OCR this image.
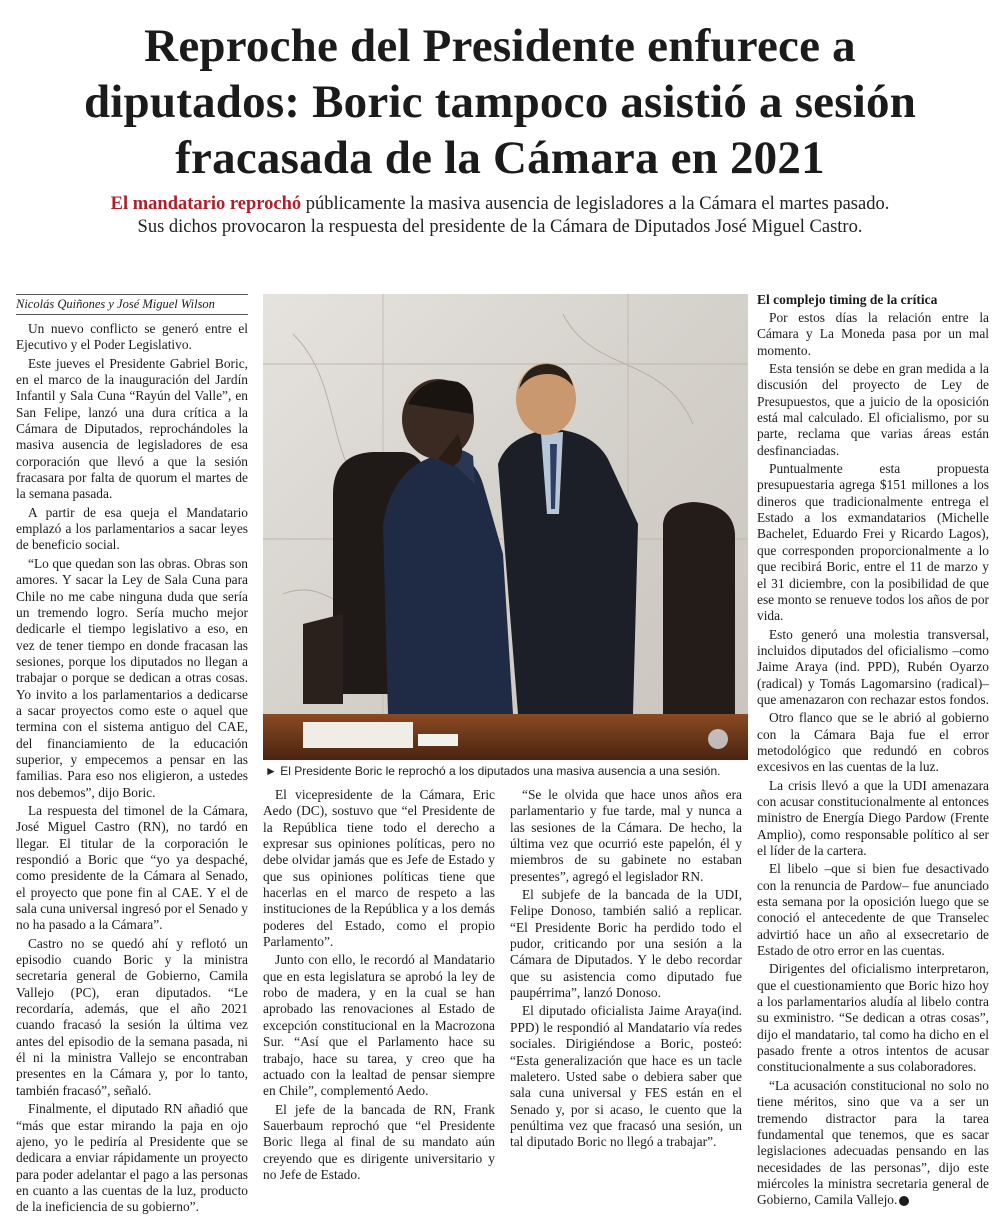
Reproche del Presidente enfurece a
diputados: Boric tampoco asistió a sesión
fracasada de la Cámara en 2021
El mandatario reprochó públicamente la masiva ausencia de legisladores a la Cámara el martes pasado.
Sus dichos provocaron la respuesta del presidente de la Cámara de Diputados José Miguel Castro.
Nicolás Quiñones y José Miguel Wilson

Un nuevo conflicto se generó entre el Ejecutivo y el Poder Legislativo.

Este jueves el Presidente Gabriel Boric, en el marco de la inauguración del Jardín Infantil y Sala Cuna “Rayún del Valle”, en San Felipe, lanzó una dura crítica a la Cámara de Diputados, reprochándoles la masiva ausencia de legisladores de esa corporación que llevó a que la sesión fracasara por falta de quorum el martes de la semana pasada.

A partir de esa queja el Mandatario emplazó a los parlamentarios a sacar leyes de beneficio social.

“Lo que quedan son las obras. Obras son amores. Y sacar la Ley de Sala Cuna para Chile no me cabe ninguna duda que sería un tremendo logro. Sería mucho mejor dedicarle el tiempo legislativo a eso, en vez de tener tiempo en donde fracasan las sesiones, porque los diputados no llegan a trabajar o porque se dedican a otras cosas. Yo invito a los parlamentarios a dedicarse a sacar proyectos como este o aquel que termina con el sistema antiguo del CAE, del financiamiento de la educación superior, y empecemos a pensar en las familias. Para eso nos eligieron, a ustedes nos debemos”, dijo Boric.

La respuesta del timonel de la Cámara, José Miguel Castro (RN), no tardó en llegar. El titular de la corporación le respondió a Boric que “yo ya despaché, como presidente de la Cámara al Senado, el proyecto que pone fin al CAE. Y el de sala cuna universal ingresó por el Senado y no ha pasado a la Cámara”.

Castro no se quedó ahí y reflotó un episodio cuando Boric y la ministra secretaria general de Gobierno, Camila Vallejo (PC), eran diputados. “Le recordaría, además, que el año 2021 cuando fracasó la sesión la última vez antes del episodio de la semana pasada, ni él ni la ministra Vallejo se encontraban presentes en la Cámara y, por lo tanto, también fracasó”, señaló.

Finalmente, el diputado RN añadió que “más que estar mirando la paja en ojo ajeno, yo le pediría al Presidente que se dedicara a enviar rápidamente un proyecto para poder adelantar el pago a las personas en cuanto a las cuentas de la luz, producto de la ineficiencia de su gobierno”.

► El Presidente Boric le reprochó a los diputados una masiva ausencia a una sesión.

El vicepresidente de la Cámara, Eric Aedo (DC), sostuvo que “el Presidente de la República tiene todo el derecho a expresar sus opiniones políticas, pero no debe olvidar jamás que es Jefe de Estado y que sus opiniones políticas tiene que hacerlas en el marco de respeto a las instituciones de la República y a los demás poderes del Estado, como el propio Parlamento”.

Junto con ello, le recordó al Mandatario que en esta legislatura se aprobó la ley de robo de madera, y en la cual se han aprobado las renovaciones al Estado de excepción constitucional en la Macrozona Sur. “Así que el Parlamento hace su trabajo, hace su tarea, y creo que ha actuado con la lealtad de pensar siempre en Chile”, complementó Aedo.

El jefe de la bancada de RN, Frank Sauerbaum reprochó que “el Presidente Boric llega al final de su mandato aún creyendo que es dirigente universitario y no Jefe de Estado.

“Se le olvida que hace unos años era parlamentario y fue tarde, mal y nunca a las sesiones de la Cámara. De hecho, la última vez que ocurrió este papelón, él y miembros de su gabinete no estaban presentes”, agregó el legislador RN.

El subjefe de la bancada de la UDI, Felipe Donoso, también salió a replicar. “El Presidente Boric ha perdido todo el pudor, criticando por una sesión a la Cámara de Diputados. Y le debo recordar que su asistencia como diputado fue paupérrima”, lanzó Donoso.

El diputado oficialista Jaime Araya(ind. PPD) le respondió al Mandatario vía redes sociales. Dirigiéndose a Boric, posteó: “Esta generalización que hace es un tacle maletero. Usted sabe o debiera saber que sala cuna universal y FES están en el Senado y, por si acaso, le cuento que la penúltima vez que fracasó una sesión, un tal diputado Boric no llegó a trabajar”.

El complejo timing de la crítica

Por estos días la relación entre la Cámara y La Moneda pasa por un mal momento.

Esta tensión se debe en gran medida a la discusión del proyecto de Ley de Presupuestos, que a juicio de la oposición está mal calculado. El oficialismo, por su parte, reclama que varias áreas están desfinanciadas.

Puntualmente esta propuesta presupuestaria agrega $151 millones a los dineros que tradicionalmente entrega el Estado a los exmandatarios (Michelle Bachelet, Eduardo Frei y Ricardo Lagos), que corresponden proporcionalmente a lo que recibirá Boric, entre el 11 de marzo y el 31 diciembre, con la posibilidad de que ese monto se renueve todos los años de por vida.

Esto generó una molestia transversal, incluidos diputados del oficialismo –como Jaime Araya (ind. PPD), Rubén Oyarzo (radical) y Tomás Lagomarsino (radical)– que amenazaron con rechazar estos fondos.

Otro flanco que se le abrió al gobierno con la Cámara Baja fue el error metodológico que redundó en cobros excesivos en las cuentas de la luz.

La crisis llevó a que la UDI amenazara con acusar constitucionalmente al entonces ministro de Energía Diego Pardow (Frente Amplio), como responsable político al ser el líder de la cartera.

El libelo –que si bien fue desactivado con la renuncia de Pardow– fue anunciado esta semana por la oposición luego que se conoció el antecedente de que Transelec advirtió hace un año al exsecretario de Estado de otro error en las cuentas.

Dirigentes del oficialismo interpretaron, que el cuestionamiento que Boric hizo hoy a los parlamentarios aludía al libelo contra su exministro. “Se dedican a otras cosas”, dijo el mandatario, tal como ha dicho en el pasado frente a otros intentos de acusar constitucionalmente a sus colaboradores.

“La acusación constitucional no solo no tiene méritos, sino que va a ser un tremendo distractor para la tarea fundamental que tenemos, que es sacar legislaciones adecuadas pensando en las necesidades de las personas”, dijo este miércoles la ministra secretaria general de Gobierno, Camila Vallejo.
